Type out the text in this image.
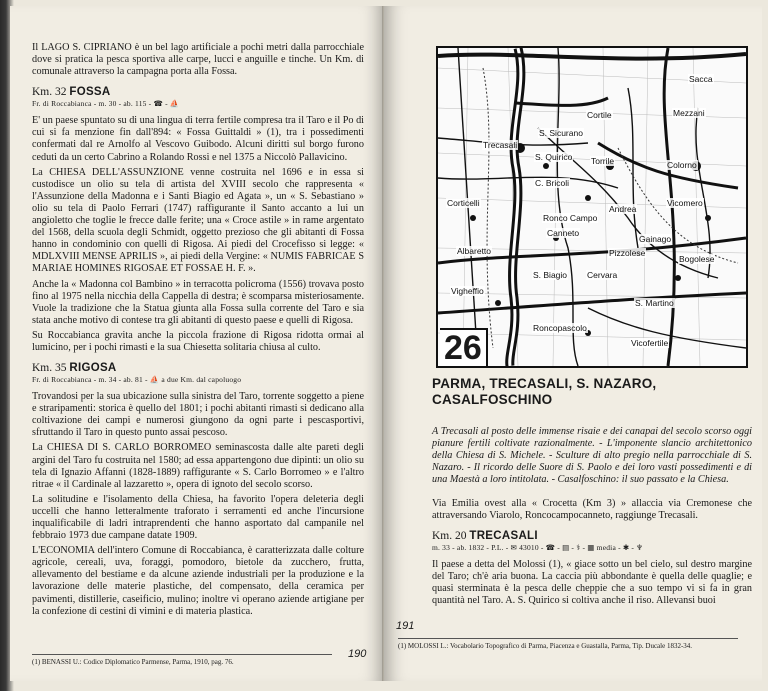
Il LAGO S. CIPRIANO è un bel lago artificiale a pochi metri dalla parrocchiale dove si pratica la pesca sportiva alle carpe, lucci e anguille e tinche. Un Km. di comunale attraverso la campagna porta alla Fossa.

Km. 32 FOSSA
Fr. di Roccabianca - m. 30 - ab. 115 - ☎ - ⛵

E' un paese spuntato su di una lingua di terra fertile compresa tra il Taro e il Po di cui si fa menzione fin dall'894: « Fossa Guittaldi » (1), tra i possedimenti confermati dal re Arnolfo al Vescovo Guibodo. Alcuni diritti sul borgo furono ceduti da un certo Cabrino a Rolando Rossi e nel 1375 a Niccolò Pallavicino.

La CHIESA DELL'ASSUNZIONE venne costruita nel 1696 e in essa si custodisce un olio su tela di artista del XVIII secolo che rappresenta « l'Assunzione della Madonna e i Santi Biagio ed Agata », un « S. Sebastiano » olio su tela di Paolo Ferrari (1747) raffigurante il Santo accanto a lui un angioletto che toglie le frecce dalle ferite; una « Croce astile » in rame argentato del 1568, della scuola degli Schmidt, oggetto prezioso che gli abitanti di Fossa hanno in condominio con quelli di Rigosa. Ai piedi del Crocefisso si legge: « MDLXVIII MENSE APRILIS », ai piedi della Vergine: « NUMIS FABRICAE S MARIAE HOMINES RIGOSAE ET FOSSAE H. F. ».

Anche la « Madonna col Bambino » in terracotta policroma (1556) trovava posto fino al 1975 nella nicchia della Cappella di destra; è scomparsa misteriosamente. Vuole la tradizione che la Statua giunta alla Fossa sulla corrente del Taro e sia stata anche motivo di contese tra gli abitanti di questo paese e quelli di Rigosa.

Su Roccabianca gravita anche la piccola frazione di Rigosa ridotta ormai al lumicino, per i pochi rimasti e la sua Chiesetta solitaria chiusa al culto.

Km. 35 RIGOSA
Fr. di Roccabianca - m. 34 - ab. 81 - ⛵ a due Km. dal capoluogo

Trovandosi per la sua ubicazione sulla sinistra del Taro, torrente soggetto a piene e straripamenti: storica è quello del 1801; i pochi abitanti rimasti si dedicano alla coltivazione dei campi e numerosi giungono da ogni parte i pescasportivi, sfruttando il Taro in questo punto assai pescoso.

La CHIESA DI S. CARLO BORROMEO seminascosta dalle alte pareti degli argini del Taro fu costruita nel 1580; ad essa appartengono due dipinti: un olio su tela di Ignazio Affanni (1828-1889) raffigurante « S. Carlo Borromeo » e l'altro ritrae « il Cardinale al lazzaretto », opera di ignoto del secolo scorso.

La solitudine e l'isolamento della Chiesa, ha favorito l'opera deleteria degli uccelli che hanno letteralmente traforato i serramenti ed anche l'incursione inqualificabile di ladri intraprendenti che hanno asportato dal campanile nel febbraio 1973 due campane datate 1909.

L'ECONOMIA dell'intero Comune di Roccabianca, è caratterizzata dalle colture agricole, cereali, uva, foraggi, pomodoro, bietole da zucchero, frutta, allevamento del bestiame e da alcune aziende industriali per la produzione e la lavorazione delle materie plastiche, del compensato, della ceramica per pavimenti, distillerie, caseificio, mulino; inoltre vi operano aziende artigiane per la confezione di cestini di vimini e di materia plastica.

(1) BENASSI U.: Codice Diplomatico Parmense, Parma, 1910, pag. 76.
190
Colorno
Trecasali
S. Quirico Torrile
S. Sicurano
C. Bricoli
Ronco Campo
Vicomero
Andrea
Canneto
Albaretto
S. Biagio Cervara
Vigheffio
S. Martino
Roncopascolo
Vicofertile
Mezzani
Sacca
Cortile
Gainago
Bogolese
Pizzolese
Corticelli
26
PARMA, TRECASALI, S. NAZARO, CASALFOSCHINO
A Trecasali al posto delle immense risaie e dei canapai del secolo scorso oggi pianure fertili coltivate razionalmente. - L'imponente slancio architettonico della Chiesa di S. Michele. - Sculture di alto pregio nella parrocchiale di S. Nazaro. - Il ricordo delle Suore di S. Paolo e dei loro vasti possedimenti e di una Maestà a loro intitolata. - Casalfoschino: il suo passato e la Chiesa.

Via Emilia ovest alla « Crocetta (Km 3) » allaccia via Cremonese che attraversando Viarolo, Roncocampocanneto, raggiunge Trecasali.

Km. 20 TRECASALI
m. 33 - ab. 1832 - P.L. - ✉ 43010 - ☎ - ▤ - ⚕ - ▦ media - ✱ - ♆

Il paese a detta del Molossi (1), « giace sotto un bel cielo, sul destro margine del Taro; ch'è aria buona. La caccia più abbondante è quella delle quaglie; e quasi sterminata è la pesca delle cheppie che a suo tempo vi si fa in gran quantità nel Taro. A. S. Quirico si coltiva anche il riso. Allevansi buoi

(1) MOLOSSI L.: Vocabolario Topografico di Parma, Piacenza e Guastalla, Parma, Tip. Ducale 1832-34.
191
